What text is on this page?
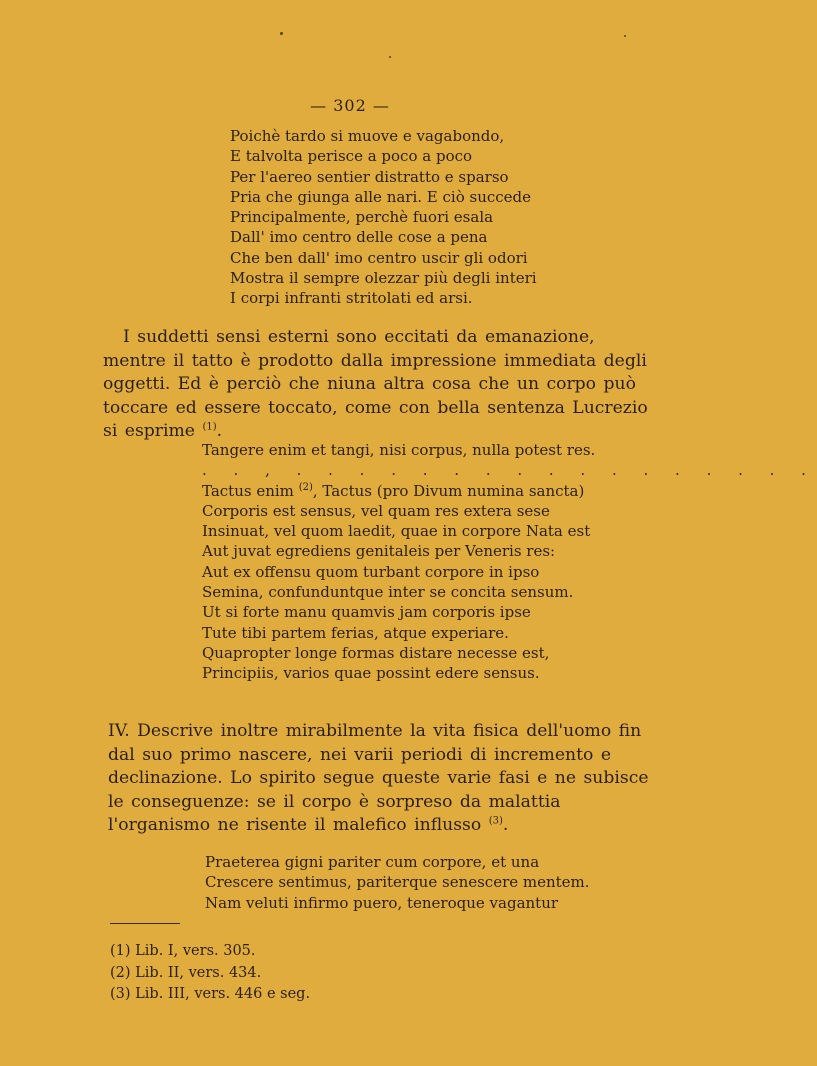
— 302 —
Poichè tardo si muove e vagabondo,
E talvolta perisce a poco a poco
Per l'aereo sentier distratto e sparso
Pria che giunga alle nari. E ciò succede
Principalmente, perchè fuori esala
Dall' imo centro delle cose a pena
Che ben dall' imo centro uscir gli odori
Mostra il sempre olezzar più degli interi
I corpi infranti stritolati ed arsi.

I suddetti sensi esterni sono eccitati da emanazione, mentre il tatto è prodotto dalla impressione immediata degli oggetti. Ed è perciò che niuna altra cosa che un corpo può toccare ed essere toccato, come con bella sentenza Lucrezio si esprime $^{(1)}$.

Tangere enim et tangi, nisi corpus, nulla potest res.
. . , . . . . . . . . . . . . . . . . .
Tactus enim $^{(2)}$, Tactus (pro Divum numina sancta)
Corporis est sensus, vel quam res extera sese
Insinuat, vel quom laedit, quae in corpore Nata est
Aut juvat egrediens genitaleis per Veneris res:
Aut ex offensu quom turbant corpore in ipso
Semina, confunduntque inter se concita sensum.
Ut si forte manu quamvis jam corporis ipse
Tute tibi partem ferias, atque experiare.
Quapropter longe formas distare necesse est,
Principiis, varios quae possint edere sensus.

IV. Descrive inoltre mirabilmente la vita fisica dell'uomo fin dal suo primo nascere, nei varii periodi di incremento e declinazione. Lo spirito segue queste varie fasi e ne subisce le conseguenze: se il corpo è sorpreso da malattia l'organismo ne risente il malefico influsso $^{(3)}$.

Praeterea gigni pariter cum corpore, et una
Crescere sentimus, pariterque senescere mentem.
Nam veluti infirmo puero, teneroque vagantur
(1) Lib. I, vers. 305.
(2) Lib. II, vers. 434.
(3) Lib. III, vers. 446 e seg.
